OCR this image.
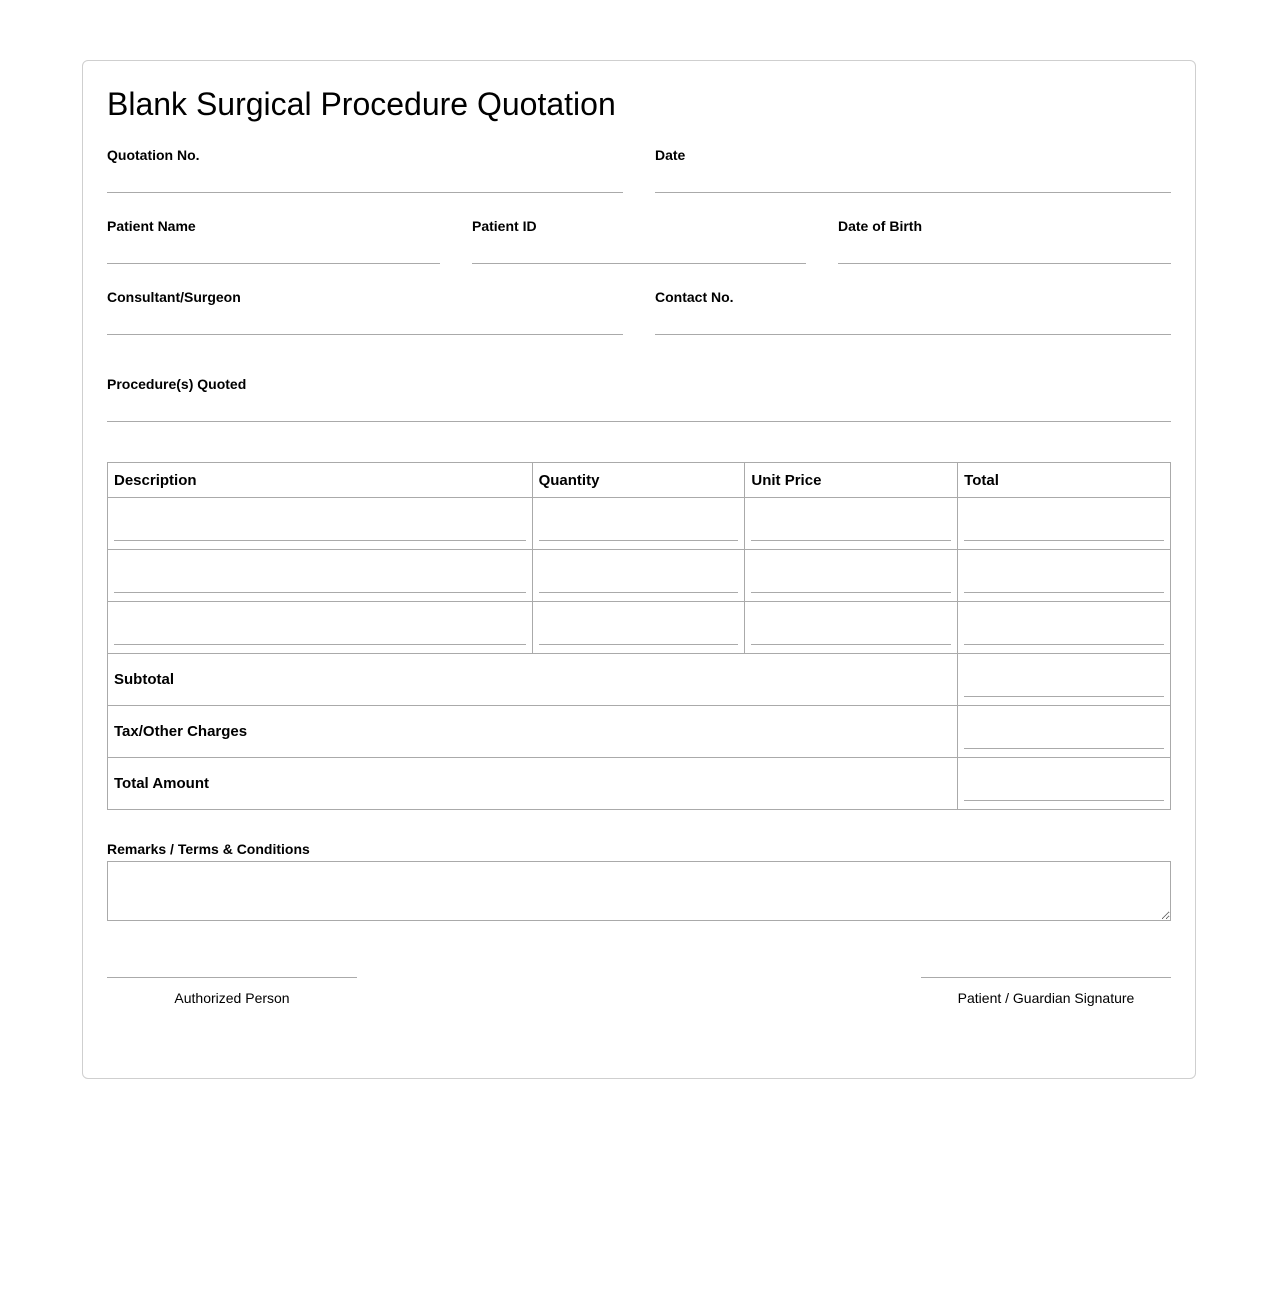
Blank Surgical Procedure Quotation
Quotation No.	Date
Patient Name	Patient ID	Date of Birth
Consultant/Surgeon	Contact No.
Procedure(s) Quoted
Description	Quantity	Unit Price	Total

Subtotal	

Tax/Other Charges	

Total Amount	
Remarks / Terms & Conditions
Authorized Person	Patient / Guardian Signature
